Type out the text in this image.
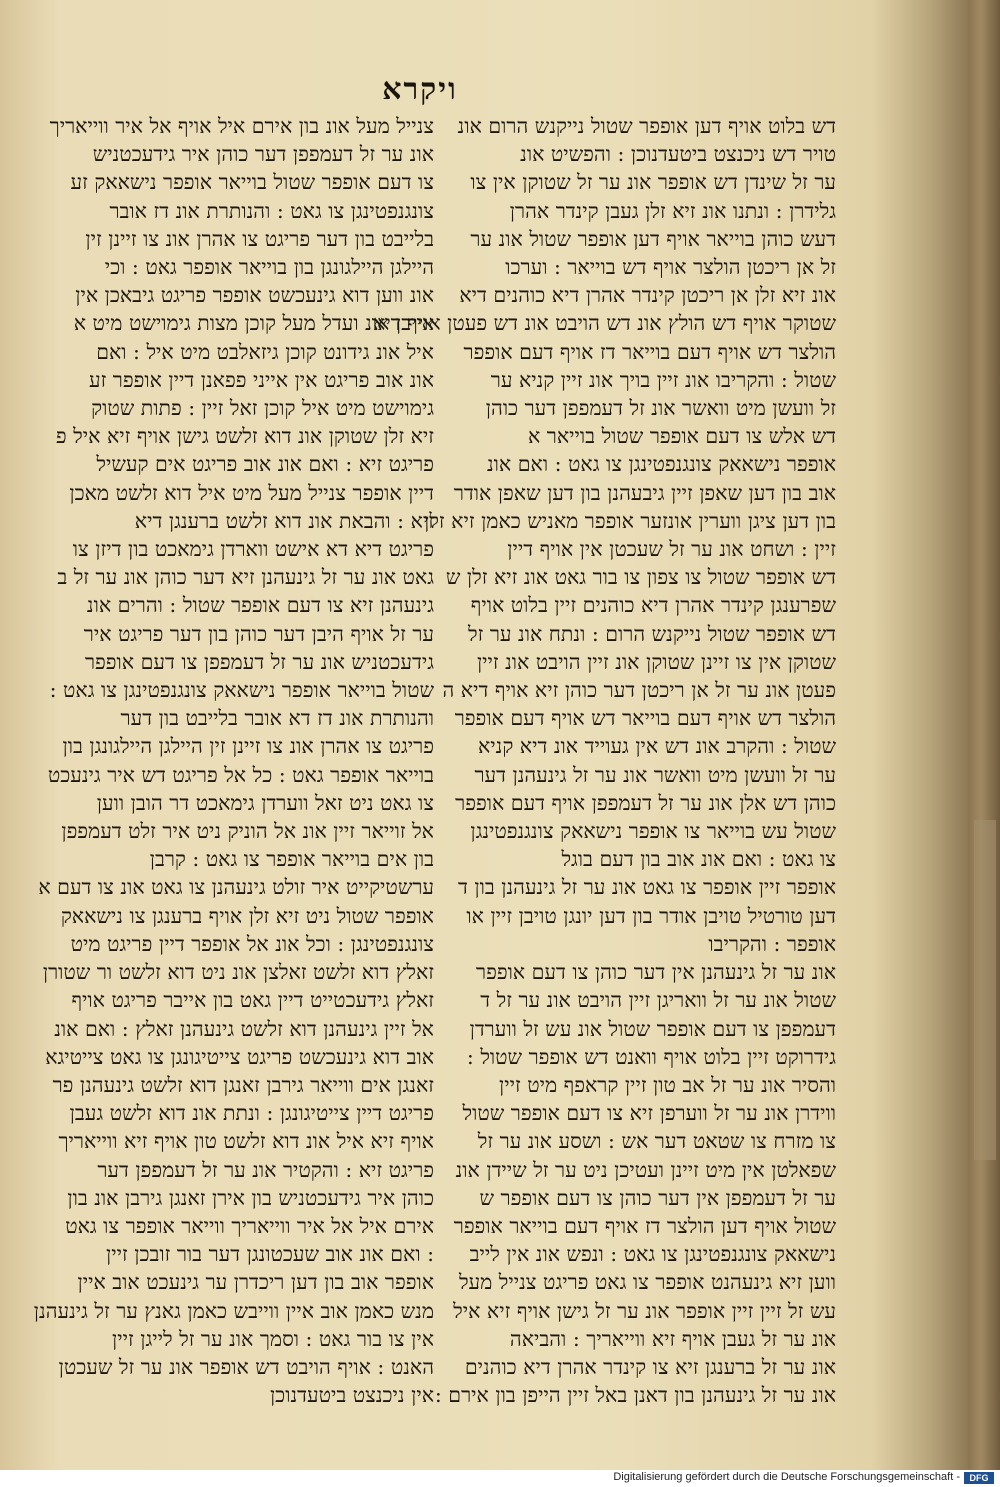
ויקרא
דש בלוט אויף דען אופפר שטול נייקנש הרום אונ
טויר דש ניכנצט ביטעדנוכן : והפשיט אונ
ער זל שינדן דש אופפר אונ ער זל שטוקן אין צו
גלידרן : ונתנו אונ זיא זלן געבן קינדר אהרן
דעש כוהן בוייאר אויף דען אופפר שטול אונ ער
זל אן ריכטן הולצר אויף דש בוייאר : וערכו
אונ זיא זלן אן ריכטן קינדר אהרן דיא כוהנים דיא
שטוקר אויף דש הולץ אונ דש הויבט אונ דש פעטן אויף דיא
הולצר דש אויף דעם בוייאר דז אויף דעם אופפר
שטול : והקריבו אונ זיין בויך אונ זיין קניא ער
זל וועשן מיט וואשר אונ זל דעמפפן דער כוהן
דש אלש צו דעם אופפר שטול בוייאר א
אופפר נישאאק צונגנפטינגן צו גאט : ואם אונ
אוב בון דען שאפן זיין גיבעהנן בון דען שאפן אודר
בון דען ציגן ווערין אונזער אופפר מאניש כאמן זיא זלן
זיין : ושחט אונ ער זל שעכטן אין אויף דיין
דש אופפר שטול צו צפון צו בור גאט אונ זיא זלן ש
שפרענגן קינדר אהרן דיא כוהנים זיין בלוט אויף
דש אופפר שטול נייקנש הרום : ונתח אונ ער זל
שטוקן אין צו זיינן שטוקן אונ זיין הויבט אונ זיין
פעטן אונ ער זל אן ריכטן דער כוהן זיא אויף דיא ה
הולצר דש אויף דעם בוייאר דש אויף דעם אופפר
שטול : והקרב אונ דש אין געוייד אונ דיא קניא
ער זל וועשן מיט וואשר אונ ער זל גינעהנן דער
כוהן דש אלן אונ ער זל דעמפפן אויף דעם אופפר
שטול עש בוייאר צו אופפר נישאאק צונגנפטינגן
צו גאט : ואם אונ אוב בון דעם בוגל
אופפר זיין אופפר צו גאט אונ ער זל גינעהנן בון ד
דען טורטיל טויבן אודר בון דען יונגן טויבן זיין או
אופפר : והקריבו
אונ ער זל גינעהנן אין דער כוהן צו דעם אופפר
שטול אונ ער זל וואריגן זיין הויבט אונ ער זל ד
דעמפפן צו דעם אופפר שטול אונ עש זל ווערדן
גידרוקט זיין בלוט אויף וואנט דש אופפר שטול :
והסיר אונ ער זל אב טון זיין קראפף מיט זיין
ווידרן אונ ער זל ווערפן זיא צו דעם אופפר שטול
צו מזרח צו שטאט דער אש : ושסע אונ ער זל
שפאלטן אין מיט זיינן ועטיכן ניט ער זל שיידן אונ
ער זל דעמפפן אין דער כוהן צו דעם אופפר ש
שטול אויף דען הולצר דז אויף דעם בוייאר אופפר
נישאאק צונגנפטינגן צו גאט : ונפש אונ אין לייב
ווען זיא גינעהנט אופפר צו גאט פריגט צנייל מעל
עש זל זיין זיין אופפר אונ ער זל גישן אויף זיא איל
אונ ער זל געבן אויף זיא ווייאריך : והביאה
אונ ער זל ברענגן זיא צו קינדר אהרן דיא כוהנים
אונ ער זל גינעהנן בון דאנן באל זיין הייפן בון אירם :
צנייל מעל אונ בון אירם איל אויף אל איר ווייאריך
אונ ער זל דעמפפן דער כוהן איר גידעכטניש
צו דעם אופפר שטול בוייאר אופפר נישאאק זע
צונגנפטינגן צו גאט : והנותרת אונ דז אובר
בלייבט בון דער פריגט צו אהרן אונ צו זיינן זין
היילגן היילגונגן בון בוייאר אופפר גאט : וכי
אונ ווען דוא גינעכשט אופפר פריגט גיבאכן אין
אייבן אונ ועדל מעל קוכן מצות גימוישט מיט א
איל אונ גידונט קוכן גיזאלבט מיט איל : ואם
אונ אוב פריגט אין אייני פפאנן דיין אופפר זע
גימוישט מיט איל קוכן זאל זיין : פתות שטוק
זיא זלן שטוקן אונ דוא זלשט גישן אויף זיא איל פ
פריגט זיא : ואם אונ אוב פריגט אים קעשיל
דיין אופפר צנייל מעל מיט איל דוא זלשט מאכן
זיא : והבאת אונ דוא זלשט ברענגן דיא
פריגט דיא דא אישט ווארדן גימאכט בון דיזן צו
גאט אונ ער זל גינעהנן זיא דער כוהן אונ ער זל ב
גינעהנן זיא צו דעם אופפר שטול : והרים אונ
ער זל אויף היבן דער כוהן בון דער פריגט איר
גידעכטניש אונ ער זל דעמפפן צו דעם אופפר
שטול בוייאר אופפר נישאאק צונגנפטינגן צו גאט :
והנותרת אונ דז דא אובר בלייבט בון דער
פריגט צו אהרן אונ צו זיינן זין היילגן היילגונגן בון
בוייאר אופפר גאט : כל אל פריגט דש איר גינעכט
צו גאט ניט זאל ווערדן גימאכט דר הובן ווען
אל זוייאר זיין אונ אל הוניק ניט איר זלט דעמפפן
בון אים בוייאר אופפר צו גאט : קרבן
ערשטיקייט איר זולט גינעהנן צו גאט אונ צו דעם א
אופפר שטול ניט זיא זלן אויף ברענגן צו נישאאק
צונגנפטינגן : וכל אונ אל אופפר דיין פריגט מיט
זאלץ דוא זלשט זאלצן אונ ניט דוא זלשט ור שטורן
זאלץ גידעכטייט דיין גאט בון אייבר פריגט אויף
אל זיין גינעהנן דוא זלשט גינעהנן זאלץ : ואם אונ
אוב דוא גינעכשט פריגט צייטיגונגן צו גאט צייטיגא
זאנגן אים ווייאר גירבן זאנגן דוא זלשט גינעהנן פר
פריגט דיין צייטיגונגן : ונתת אונ דוא זלשט געבן
אויף זיא איל אונ דוא זלשט טון אויף זיא ווייאריך
פריגט זיא : והקטיר אונ ער זל דעמפפן דער
כוהן איר גידעכטניש בון אירן זאנגן גירבן אונ בון
אירם איל אל איר ווייאריך ווייאר אופפר צו גאט
: ואם אונ אוב שעכטונגן דער בור זובכן זיין
אופפר אוב בון דען ריכדרן ער גינעכט אוב איין
מנש כאמן אוב איין ווייבש כאמן גאנץ ער זל גינעהנן
אין צו בור גאט : וסמך אונ ער זל לייגן זיין
האנט : אויף הויבט דש אופפר אונ ער זל שעכטן
אין ניכנצט ביטעדנוכן
Digitalisierung gefördert durch die Deutsche Forschungsgemeinschaft -	DFG
